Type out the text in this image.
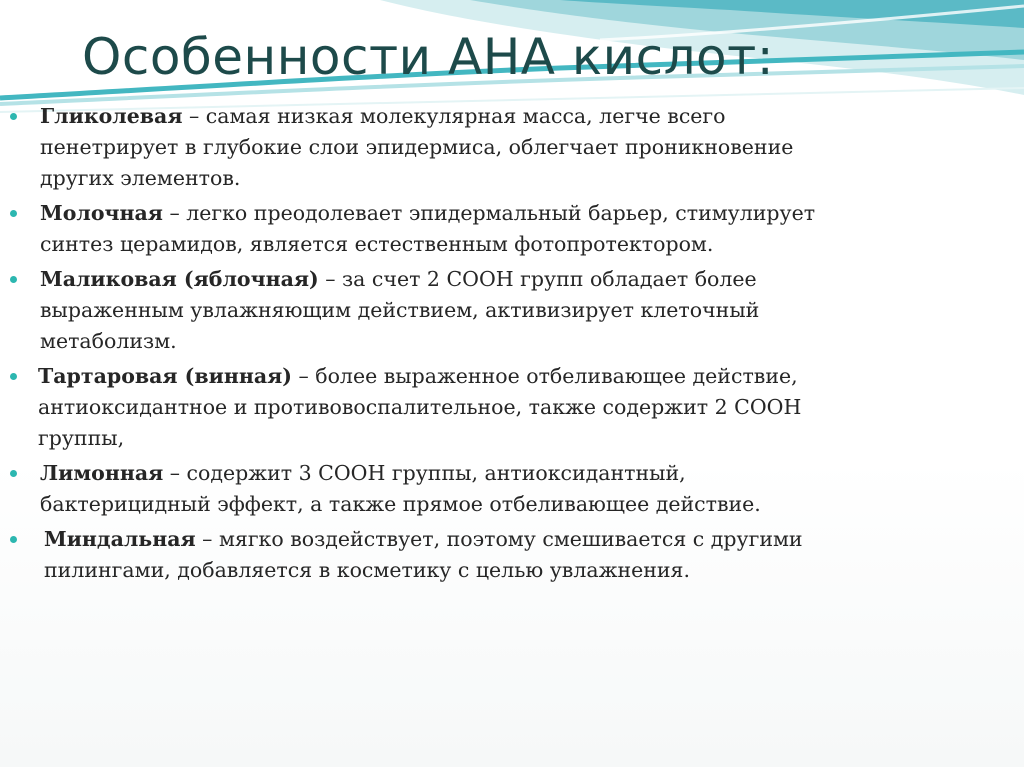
Особенности АНА кислот:
Гликолевая – самая низкая молекулярная масса, легче всего пенетрирует в глубокие слои эпидермиса, облегчает проникновение других элементов.
Молочная – легко преодолевает эпидермальный барьер, стимулирует синтез церамидов, является естественным фотопротектором.
Маликовая (яблочная) – за счет 2 COOH групп обладает более выраженным увлажняющим действием, активизирует клеточный метаболизм.
Тартаровая (винная) – более выраженное отбеливающее действие, антиоксидантное и противовоспалительное, также содержит 2 COOH группы,
Лимонная – содержит 3 COOH группы, антиоксидантный, бактерицидный эффект, а также прямое отбеливающее действие.
Миндальная – мягко воздействует, поэтому смешивается с другими пилингами, добавляется в косметику с целью увлажнения.
